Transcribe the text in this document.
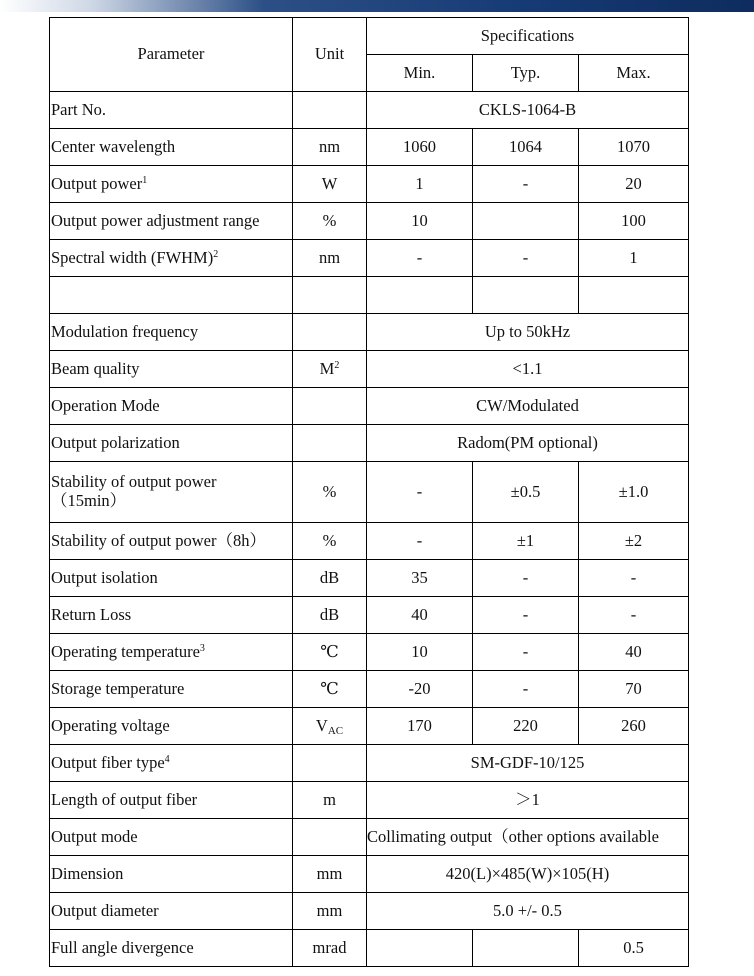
Parameter	Unit	Specifications		
		Min.	Typ.	Max.
Part No.		CKLS-1064-B		
Center wavelength	nm	1060	1064	1070
Output power$^1$	W	1	-	20
Output power adjustment range	%	10		100
Spectral width (FWHM)$^2$	nm	-	-	1

Modulation frequency		Up to 50kHz		
Beam quality	$M^2$	<1.1		
Operation Mode		CW/Modulated		
Output polarization		Radom(PM optional)		

Stability of output power
（15min）	%	-	±0.5	±1.0
Stability of output power（8h）	%	-	±1	±2
Output isolation	dB	35	-	-
Return Loss	dB	40	-	-
Operating temperature$^3$	℃	10	-	40
Storage temperature	℃	-20	-	70
Operating voltage	$V_{AC}$	170	220	260
Output fiber type$^4$		SM-GDF-10/125		
Length of output fiber	m	＞1		
Output mode		Collimating output（other options available		
Dimension	mm	420(L)×485(W)×105(H)		
Output diameter	mm	5.0 +/- 0.5		
Full angle divergence	mrad			0.5
